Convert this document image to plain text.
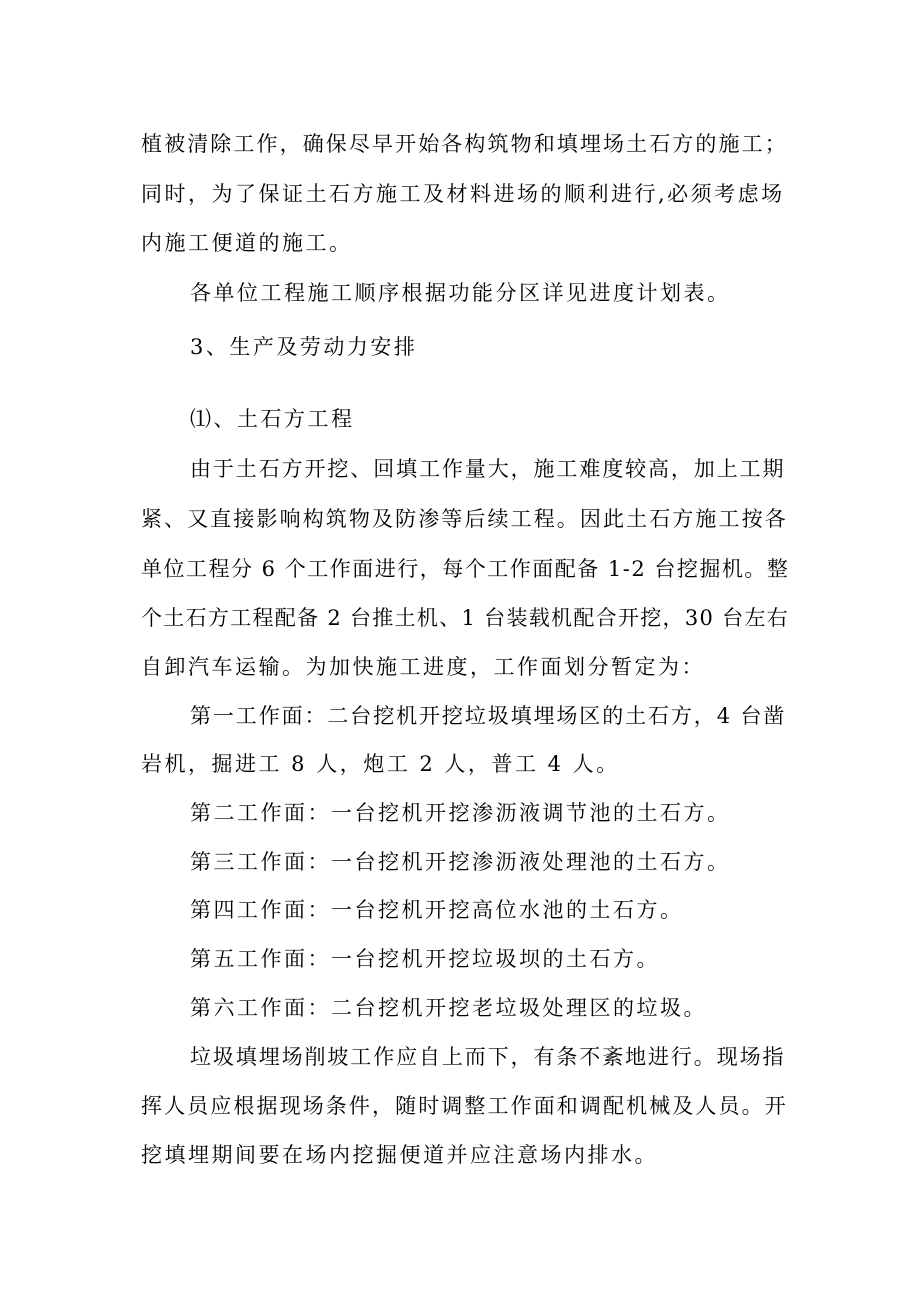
植被清除工作，确保尽早开始各构筑物和填埋场土石方的施工；
同时，为了保证土石方施工及材料进场的顺利进行,必须考虑场
内施工便道的施工。
各单位工程施工顺序根据功能分区详见进度计划表。
3、生产及劳动力安排
⑴、土石方工程
由于土石方开挖、回填工作量大，施工难度较高，加上工期
紧、又直接影响构筑物及防渗等后续工程。因此土石方施工按各
单位工程分 6 个工作面进行，每个工作面配备 1-2 台挖掘机。整
个土石方工程配备 2 台推土机、1 台装载机配合开挖，30 台左右
自卸汽车运输。为加快施工进度，工作面划分暂定为：
第一工作面：二台挖机开挖垃圾填埋场区的土石方，4 台凿
岩机，掘进工 8 人，炮工 2 人，普工 4 人。
第二工作面：一台挖机开挖渗沥液调节池的土石方。
第三工作面：一台挖机开挖渗沥液处理池的土石方。
第四工作面：一台挖机开挖高位水池的土石方。
第五工作面：一台挖机开挖垃圾坝的土石方。
第六工作面：二台挖机开挖老垃圾处理区的垃圾。
垃圾填埋场削坡工作应自上而下，有条不紊地进行。现场指
挥人员应根据现场条件，随时调整工作面和调配机械及人员。开
挖填埋期间要在场内挖掘便道并应注意场内排水。
